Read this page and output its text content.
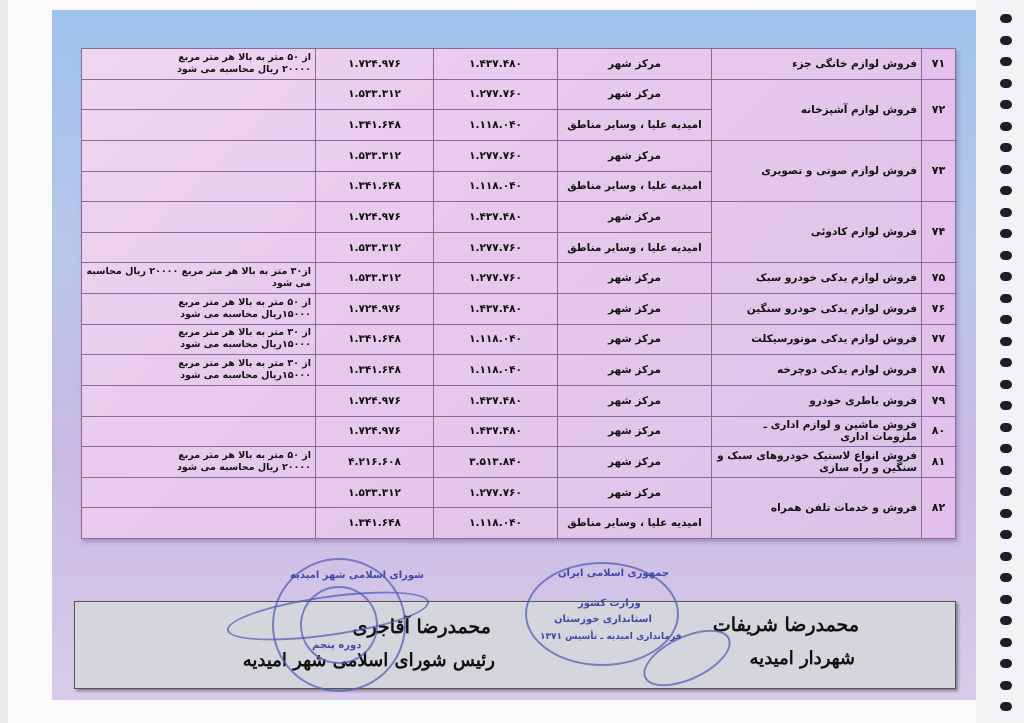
۷۱	فروش لوازم خانگی جزء	مرکز شهر	۱.۴۳۷.۴۸۰	۱.۷۲۴.۹۷۶	از ۵۰ متر به بالا هر متر مربع
۲۰۰۰۰ ریال محاسبه می شود

۷۲	فروش لوازم آشپزخانه	مرکز شهر	۱.۲۷۷.۷۶۰	۱.۵۳۳.۳۱۲	
		امیدیه علیا ، وسایر مناطق	۱.۱۱۸.۰۴۰	۱.۳۴۱.۶۴۸	
۷۳	فروش لوازم صوتی و تصویری	مرکز شهر	۱.۲۷۷.۷۶۰	۱.۵۳۳.۳۱۲	
		امیدیه علیا ، وسایر مناطق	۱.۱۱۸.۰۴۰	۱.۳۴۱.۶۴۸	
۷۴	فروش لوازم کادوئی	مرکز شهر	۱.۴۳۷.۴۸۰	۱.۷۲۴.۹۷۶	
		امیدیه علیا ، وسایر مناطق	۱.۲۷۷.۷۶۰	۱.۵۳۳.۳۱۲	
۷۵	فروش لوازم یدکی خودرو سبک	مرکز شهر	۱.۲۷۷.۷۶۰	۱.۵۳۳.۳۱۲	از۳۰ متر به بالا هر متر مربع ۲۰۰۰۰ ریال محاسبه
می شود

۷۶	فروش لوازم یدکی خودرو سنگین	مرکز شهر	۱.۴۳۷.۴۸۰	۱.۷۲۴.۹۷۶	از ۵۰ متر به بالا هر متر مربع
۱۵۰۰۰ریال محاسبه می شود

۷۷	فروش لوازم یدکی موتورسیکلت	مرکز شهر	۱.۱۱۸.۰۴۰	۱.۳۴۱.۶۴۸	از ۳۰ متر به بالا هر متر مربع
۱۵۰۰۰ریال محاسبه می شود

۷۸	فروش لوازم یدکی دوچرخه	مرکز شهر	۱.۱۱۸.۰۴۰	۱.۳۴۱.۶۴۸	از ۳۰ متر به بالا هر متر مربع
۱۵۰۰۰ریال محاسبه می شود

۷۹	فروش باطری خودرو	مرکز شهر	۱.۴۳۷.۴۸۰	۱.۷۲۴.۹۷۶	
۸۰	فروش ماشین و لوازم اداری ـ ملزومات اداری	مرکز شهر	۱.۴۳۷.۴۸۰	۱.۷۲۴.۹۷۶	
۸۱	فروش انواع لاستیک خودروهای سبک و سنگین و راه سازی	مرکز شهر	۳.۵۱۳.۸۴۰	۴.۲۱۶.۶۰۸	از ۵۰ متر به بالا هر متر مربع
۲۰۰۰۰ ریال محاسبه می شود

۸۲	فروش و خدمات تلفن همراه	مرکز شهر	۱.۲۷۷.۷۶۰	۱.۵۳۳.۳۱۲	
		امیدیه علیا ، وسایر مناطق	۱.۱۱۸.۰۴۰	۱.۳۴۱.۶۴۸	
محمدرضا شریفات
شهردار امیدیه
محمدرضا آقاجری
رئیس شورای اسلامی شهر امیدیه
جمهوری اسلامی ایران
وزارت کشور
استانداری خوزستان
فرمانداری امیدیه ـ تأسیس ۱۳۷۱
شورای اسلامی شهر امیدیه
دوره پنجم
